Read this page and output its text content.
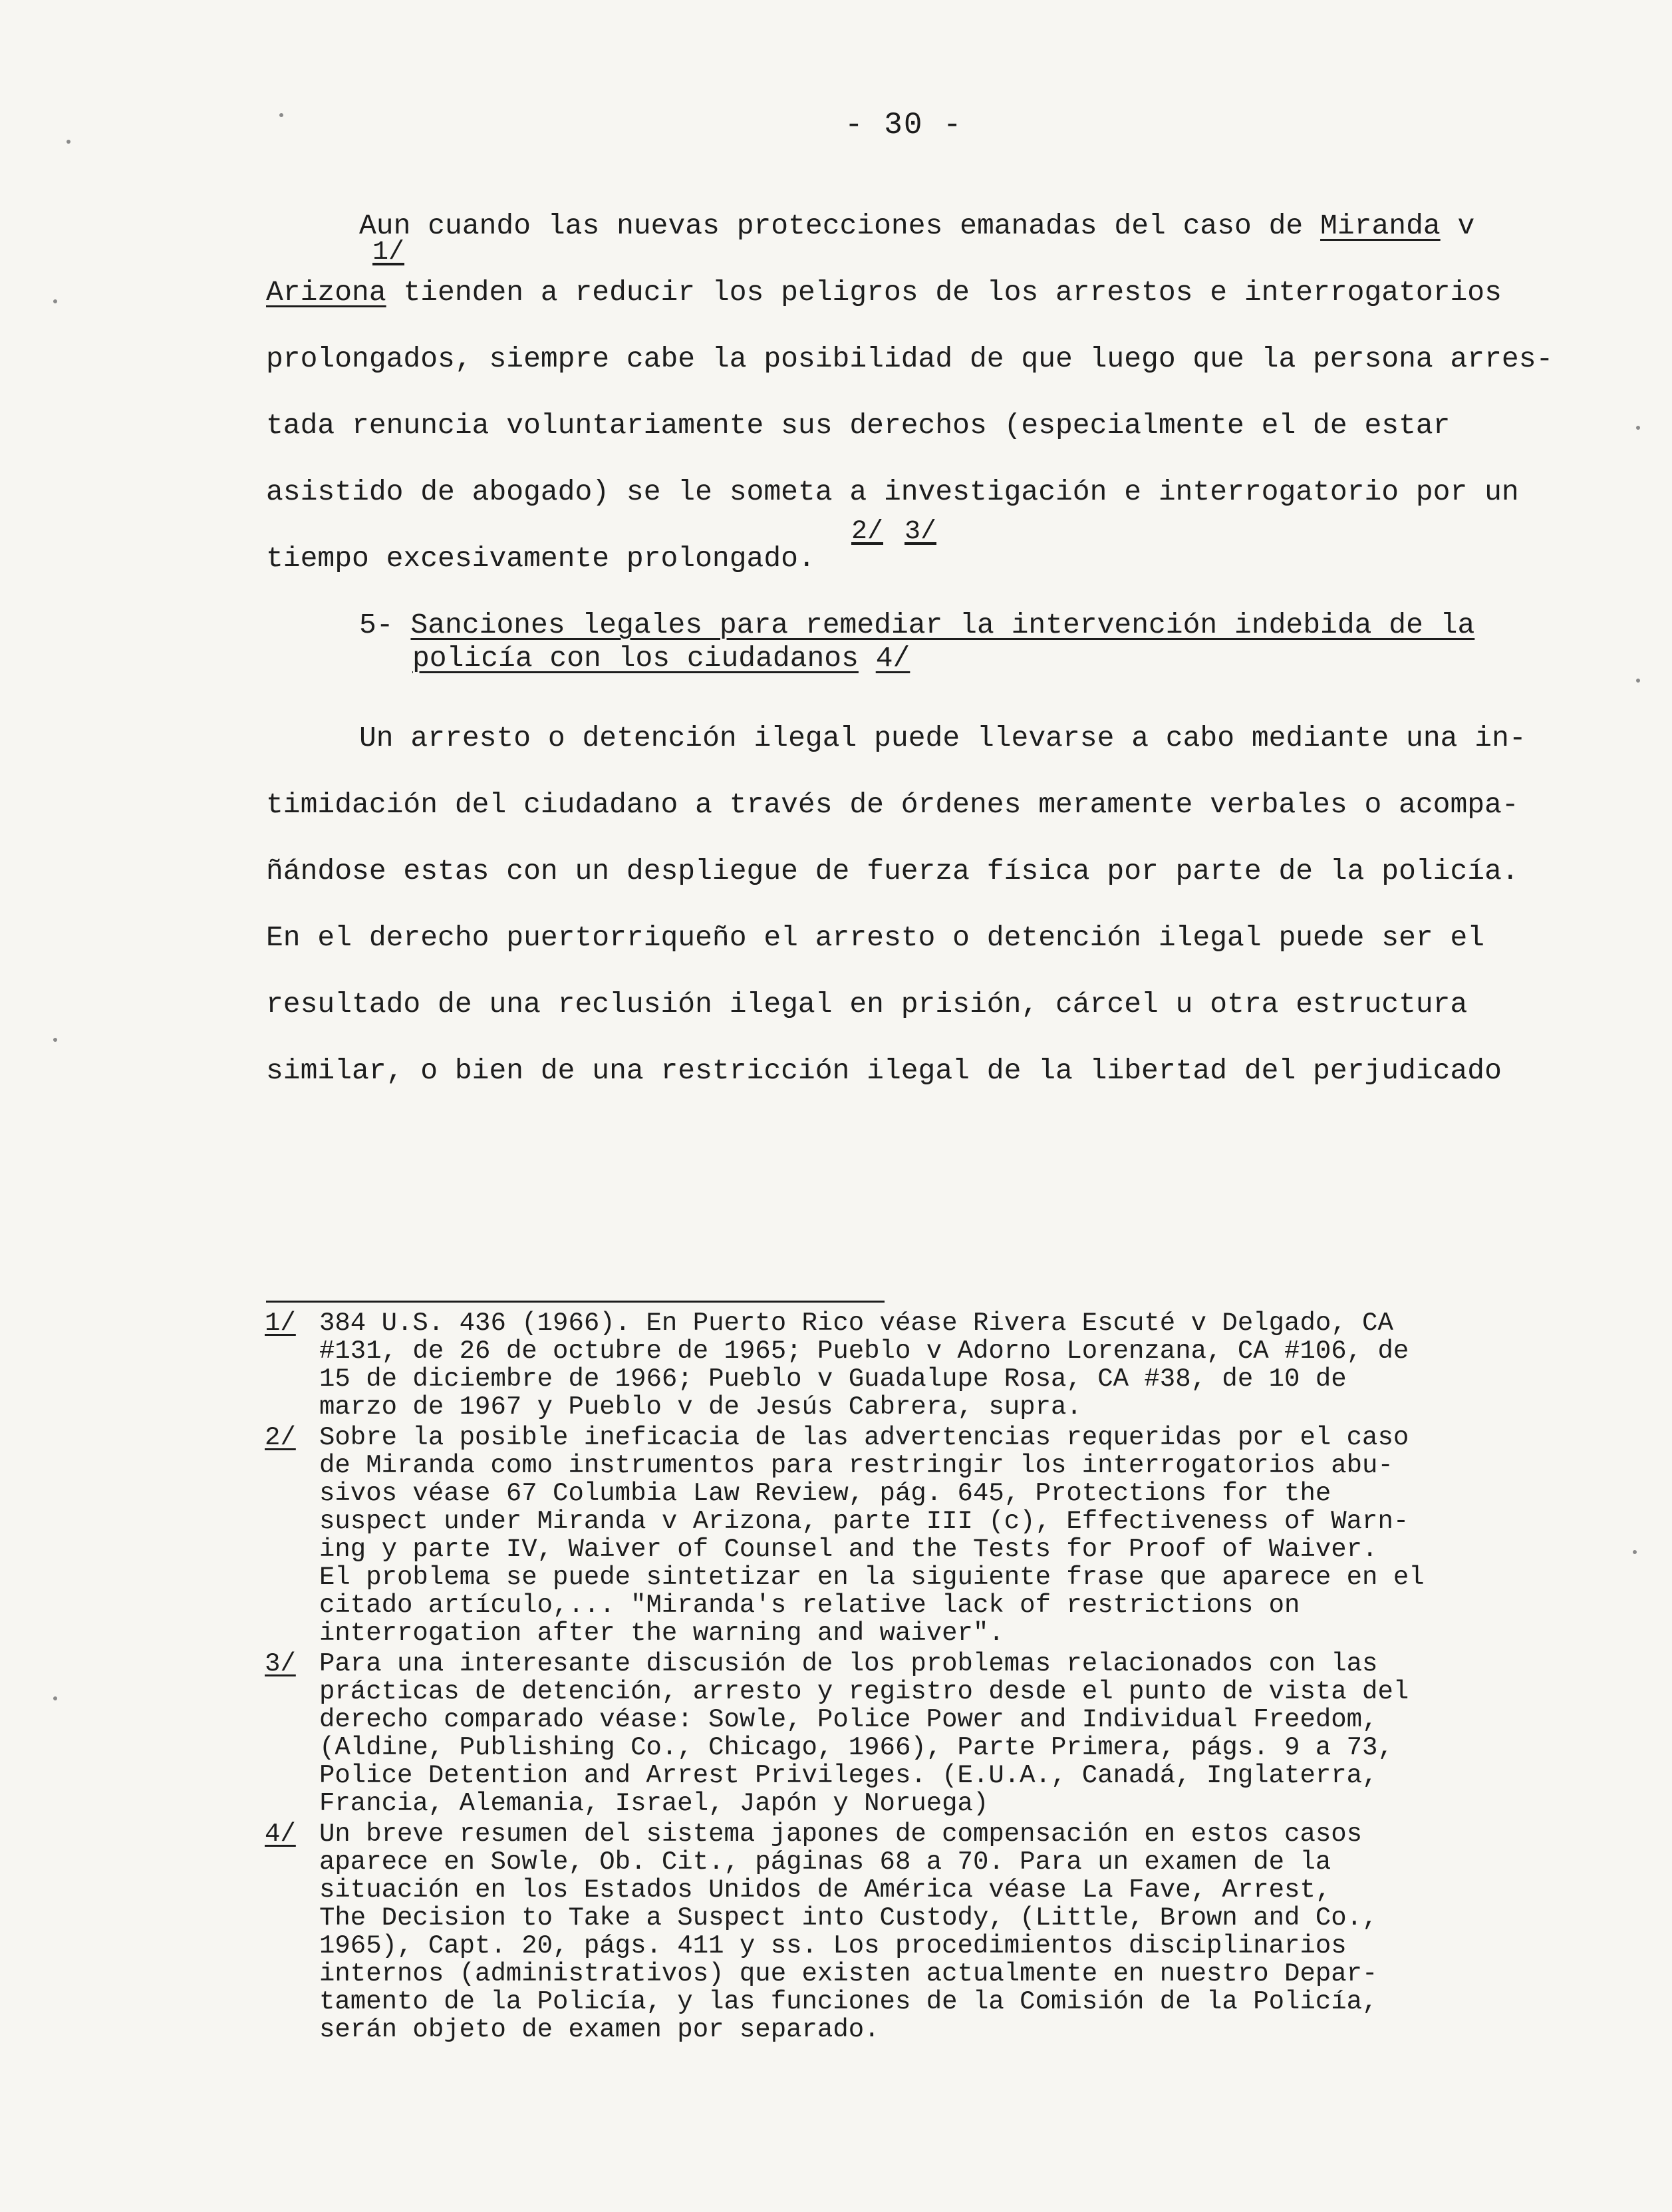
- 30 -
Aun cuando las nuevas protecciones emanadas del caso de Miranda v
1/
Arizona tienden a reducir los peligros de los arrestos e interrogatorios
prolongados, siempre cabe la posibilidad de que luego que la persona arres-
tada renuncia voluntariamente sus derechos (especialmente el de estar
asistido de abogado) se le someta a investigación e interrogatorio por un
2/ 3/
tiempo excesivamente prolongado.
5- Sanciones legales para remediar la intervención indebida de la
policía con los ciudadanos 4/
Un arresto o detención ilegal puede llevarse a cabo mediante una in-
timidación del ciudadano a través de órdenes meramente verbales o acompa-
ñándose estas con un despliegue de fuerza física por parte de la policía.
En el derecho puertorriqueño el arresto o detención ilegal puede ser el
resultado de una reclusión ilegal en prisión, cárcel u otra estructura
similar, o bien de una restricción ilegal de la libertad del perjudicado
1/ 384 U.S. 436 (1966). En Puerto Rico véase Rivera Escuté v Delgado, CA
#131, de 26 de octubre de 1965; Pueblo v Adorno Lorenzana, CA #106, de
15 de diciembre de 1966; Pueblo v Guadalupe Rosa, CA #38, de 10 de
marzo de 1967 y Pueblo v de Jesús Cabrera, supra.
2/ Sobre la posible ineficacia de las advertencias requeridas por el caso
de Miranda como instrumentos para restringir los interrogatorios abu-
sivos véase 67 Columbia Law Review, pág. 645, Protections for the
suspect under Miranda v Arizona, parte III (c), Effectiveness of Warn-
ing y parte IV, Waiver of Counsel and the Tests for Proof of Waiver.
El problema se puede sintetizar en la siguiente frase que aparece en el
citado artículo,... "Miranda's relative lack of restrictions on
interrogation after the warning and waiver".
3/ Para una interesante discusión de los problemas relacionados con las
prácticas de detención, arresto y registro desde el punto de vista del
derecho comparado véase: Sowle, Police Power and Individual Freedom,
(Aldine, Publishing Co., Chicago, 1966), Parte Primera, págs. 9 a 73,
Police Detention and Arrest Privileges. (E.U.A., Canadá, Inglaterra,
Francia, Alemania, Israel, Japón y Noruega)
4/ Un breve resumen del sistema japones de compensación en estos casos
aparece en Sowle, Ob. Cit., páginas 68 a 70. Para un examen de la
situación en los Estados Unidos de América véase La Fave, Arrest,
The Decision to Take a Suspect into Custody, (Little, Brown and Co.,
1965), Capt. 20, págs. 411 y ss. Los procedimientos disciplinarios
internos (administrativos) que existen actualmente en nuestro Depar-
tamento de la Policía, y las funciones de la Comisión de la Policía,
serán objeto de examen por separado.
